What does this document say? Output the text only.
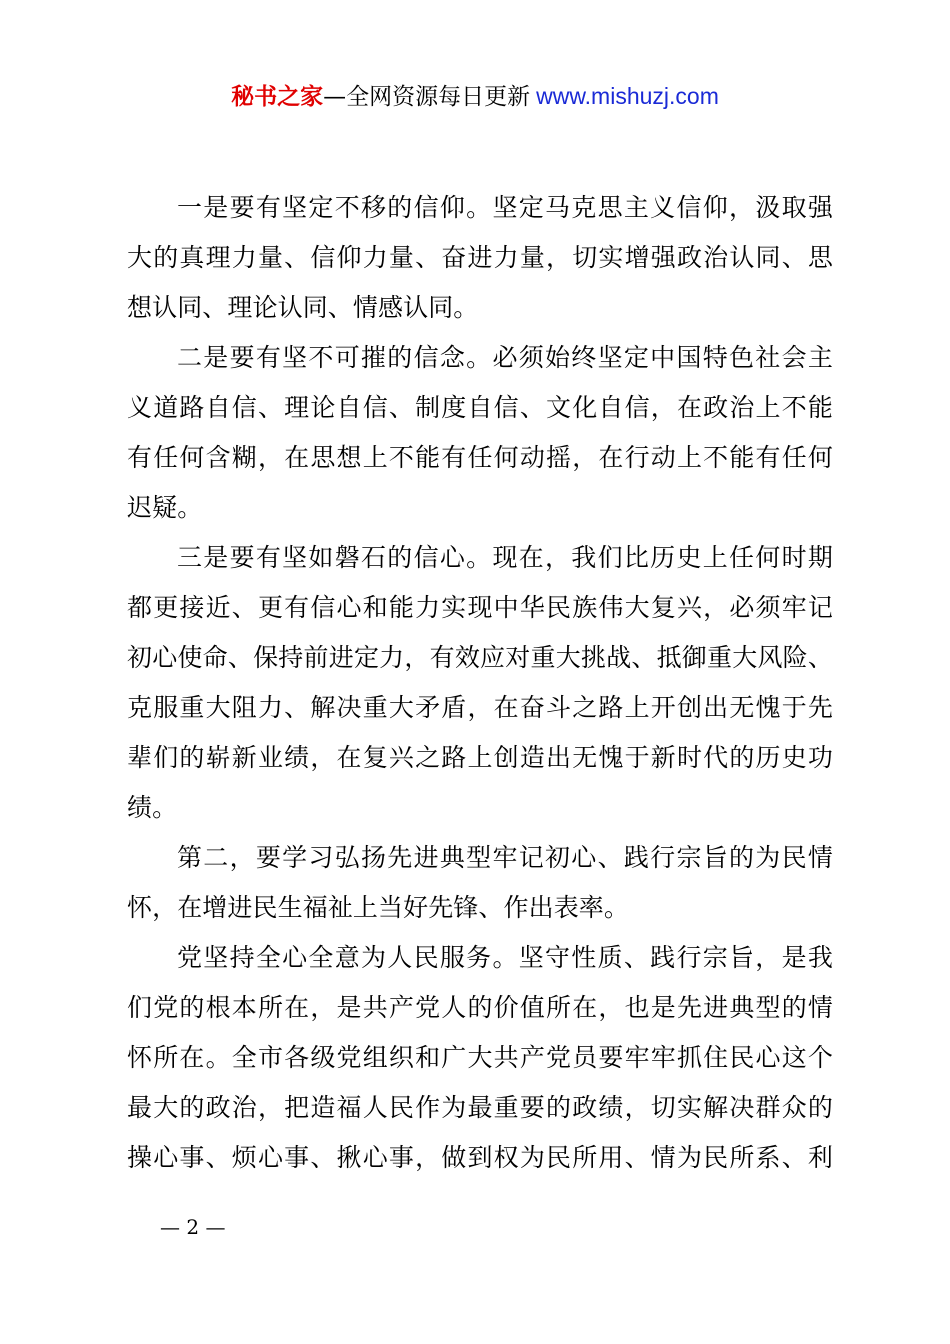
秘书之家—全网资源每日更新 www.mishuzj.com
一是要有坚定不移的信仰。坚定马克思主义信仰，汲取强
大的真理力量、信仰力量、奋进力量，切实增强政治认同、思
想认同、理论认同、情感认同。
二是要有坚不可摧的信念。必须始终坚定中国特色社会主
义道路自信、理论自信、制度自信、文化自信，在政治上不能
有任何含糊，在思想上不能有任何动摇，在行动上不能有任何
迟疑。
三是要有坚如磐石的信心。现在，我们比历史上任何时期
都更接近、更有信心和能力实现中华民族伟大复兴，必须牢记
初心使命、保持前进定力，有效应对重大挑战、抵御重大风险、
克服重大阻力、解决重大矛盾，在奋斗之路上开创出无愧于先
辈们的崭新业绩，在复兴之路上创造出无愧于新时代的历史功
绩。
第二，要学习弘扬先进典型牢记初心、践行宗旨的为民情
怀，在增进民生福祉上当好先锋、作出表率。
党坚持全心全意为人民服务。坚守性质、践行宗旨，是我
们党的根本所在，是共产党人的价值所在，也是先进典型的情
怀所在。全市各级党组织和广大共产党员要牢牢抓住民心这个
最大的政治，把造福人民作为最重要的政绩，切实解决群众的
操心事、烦心事、揪心事，做到权为民所用、情为民所系、利
— 2 —
